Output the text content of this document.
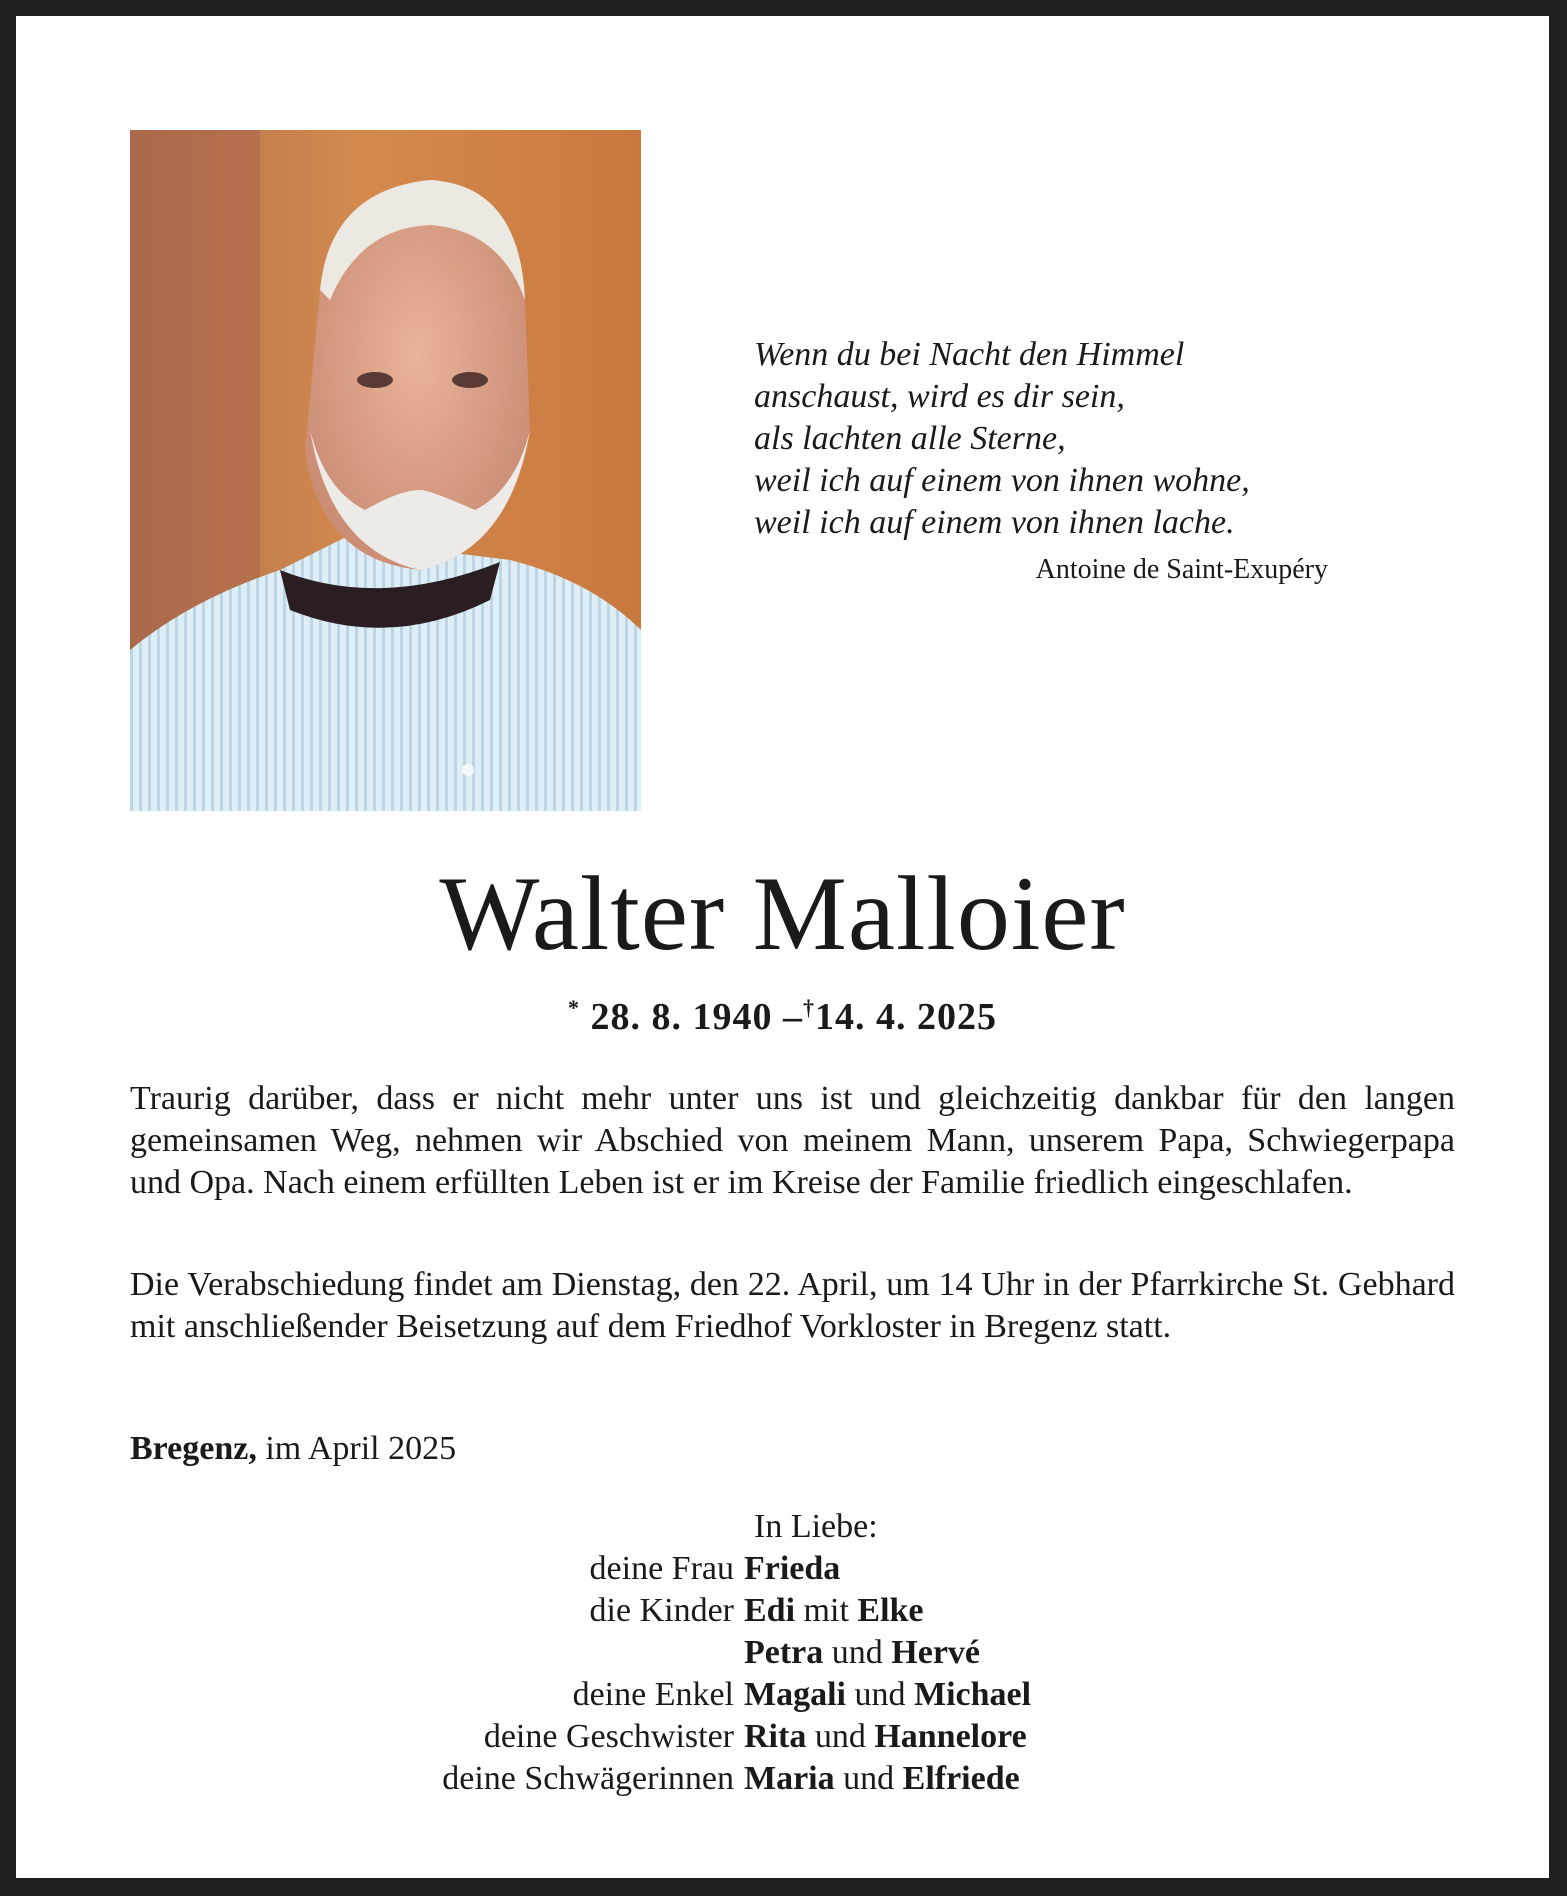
Wenn du bei Nacht den Himmel
anschaust, wird es dir sein,
als lachten alle Sterne,
weil ich auf einem von ihnen wohne,
weil ich auf einem von ihnen lache.
Antoine de Saint-Exupéry
Walter Malloier
* 28. 8. 1940 –†14. 4. 2025

Traurig darüber, dass er nicht mehr unter uns ist und gleichzeitig dankbar für den langen gemeinsamen Weg, nehmen wir Abschied von meinem Mann, unserem Papa, Schwiegerpapa und Opa. Nach einem erfüllten Leben ist er im Kreise der Familie friedlich eingeschlafen.

Die Verabschiedung findet am Dienstag, den 22. April, um 14 Uhr in der Pfarrkirche St. Gebhard mit anschließender Beisetzung auf dem Friedhof Vorkloster in Bregenz statt.

Bregenz, im April 2025
In Liebe:
deine Frau Frieda
die Kinder Edi mit Elke
Petra und Hervé
deine Enkel Magali und Michael
deine Geschwister Rita und Hannelore
deine Schwägerinnen Maria und Elfriede
